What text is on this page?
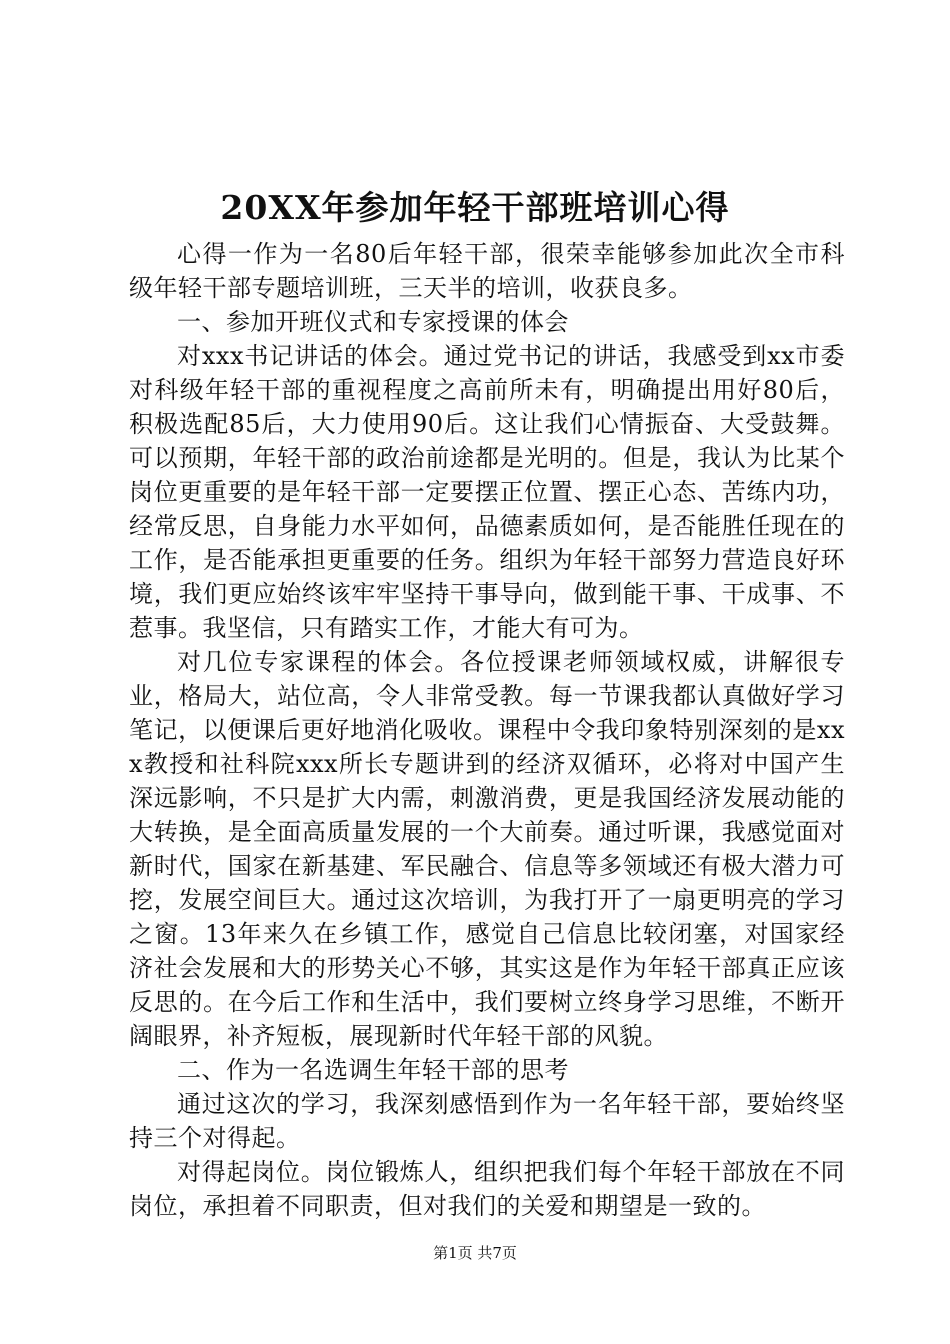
20XX年参加年轻干部班培训心得

心得一作为一名80后年轻干部，很荣幸能够参加此次全市科级年轻干部专题培训班，三天半的培训，收获良多。

一、参加开班仪式和专家授课的体会

对xxx书记讲话的体会。通过党书记的讲话，我感受到xx市委对科级年轻干部的重视程度之高前所未有，明确提出用好80后，积极选配85后，大力使用90后。这让我们心情振奋、大受鼓舞。可以预期，年轻干部的政治前途都是光明的。但是，我认为比某个岗位更重要的是年轻干部一定要摆正位置、摆正心态、苦练内功，经常反思，自身能力水平如何，品德素质如何，是否能胜任现在的工作，是否能承担更重要的任务。组织为年轻干部努力营造良好环境，我们更应始终该牢牢坚持干事导向，做到能干事、干成事、不惹事。我坚信，只有踏实工作，才能大有可为。

对几位专家课程的体会。各位授课老师领域权威，讲解很专业，格局大，站位高，令人非常受教。每一节课我都认真做好学习笔记，以便课后更好地消化吸收。课程中令我印象特别深刻的是xxx教授和社科院xxx所长专题讲到的经济双循环，必将对中国产生深远影响，不只是扩大内需，刺激消费，更是我国经济发展动能的大转换，是全面高质量发展的一个大前奏。通过听课，我感觉面对新时代，国家在新基建、军民融合、信息等多领域还有极大潜力可挖，发展空间巨大。通过这次培训，为我打开了一扇更明亮的学习之窗。13年来久在乡镇工作，感觉自己信息比较闭塞，对国家经济社会发展和大的形势关心不够，其实这是作为年轻干部真正应该反思的。在今后工作和生活中，我们要树立终身学习思维，不断开阔眼界，补齐短板，展现新时代年轻干部的风貌。

二、作为一名选调生年轻干部的思考

通过这次的学习，我深刻感悟到作为一名年轻干部，要始终坚持三个对得起。

对得起岗位。岗位锻炼人，组织把我们每个年轻干部放在不同岗位，承担着不同职责，但对我们的关爱和期望是一致的。

第1页 共7页
